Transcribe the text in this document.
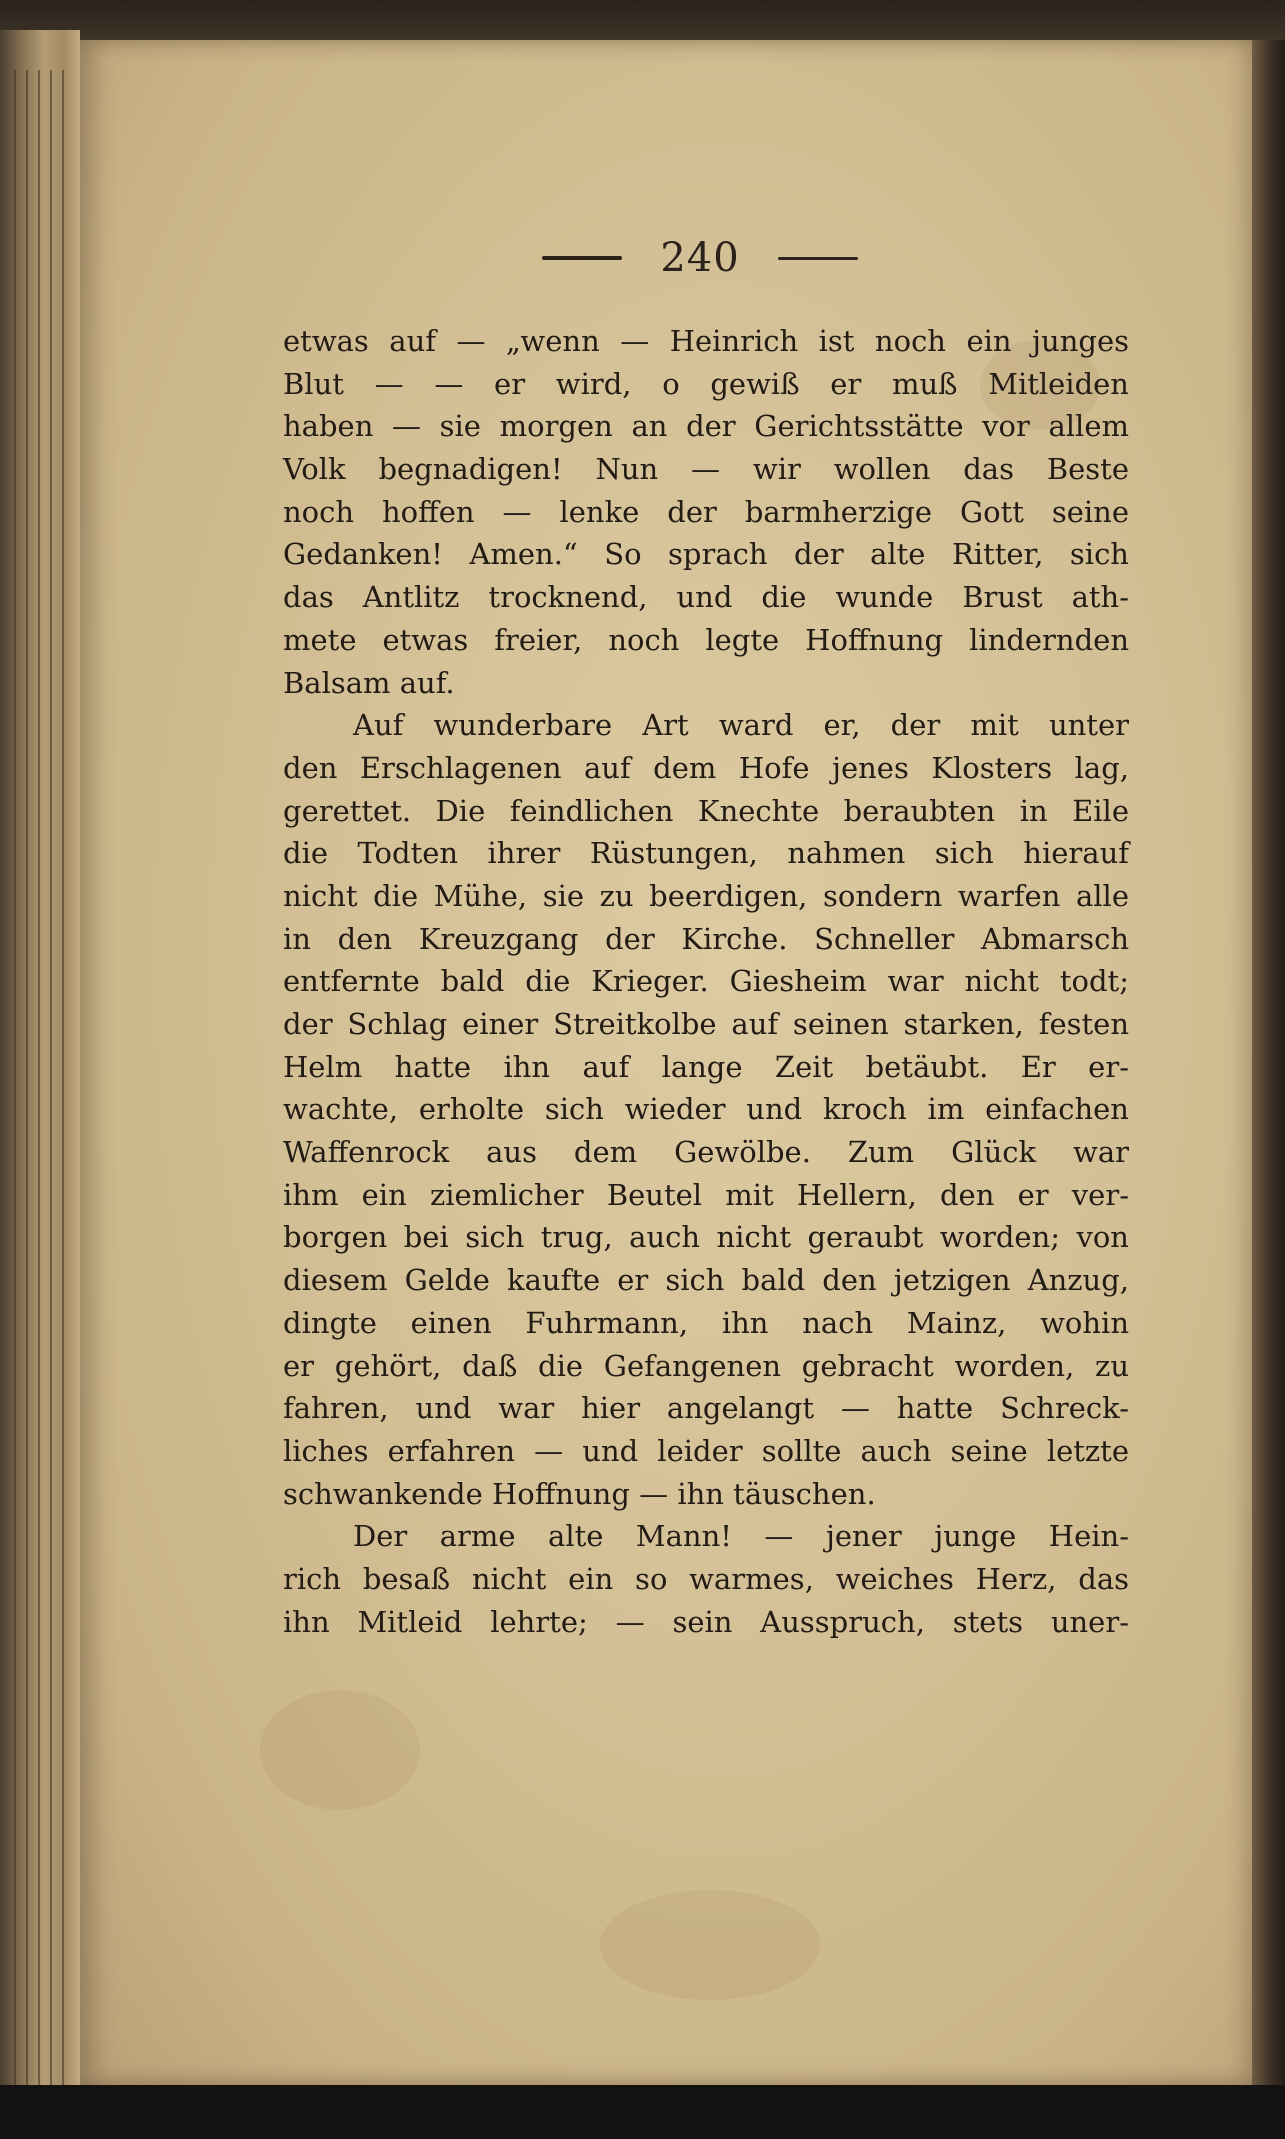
240
etwas auf — „wenn — Heinrich ist noch ein junges
Blut — — er wird, o gewiß er muß Mitleiden
haben — sie morgen an der Gerichtsstätte vor allem
Volk begnadigen! Nun — wir wollen das Beste
noch hoffen — lenke der barmherzige Gott seine
Gedanken! Amen.“ So sprach der alte Ritter, sich
das Antlitz trocknend, und die wunde Brust ath-
mete etwas freier, noch legte Hoffnung lindernden
Balsam auf.
Auf wunderbare Art ward er, der mit unter
den Erschlagenen auf dem Hofe jenes Klosters lag,
gerettet. Die feindlichen Knechte beraubten in Eile
die Todten ihrer Rüstungen, nahmen sich hierauf
nicht die Mühe, sie zu beerdigen, sondern warfen alle
in den Kreuzgang der Kirche. Schneller Abmarsch
entfernte bald die Krieger. Giesheim war nicht todt;
der Schlag einer Streitkolbe auf seinen starken, festen
Helm hatte ihn auf lange Zeit betäubt. Er er-
wachte, erholte sich wieder und kroch im einfachen
Waffenrock aus dem Gewölbe. Zum Glück war
ihm ein ziemlicher Beutel mit Hellern, den er ver-
borgen bei sich trug, auch nicht geraubt worden; von
diesem Gelde kaufte er sich bald den jetzigen Anzug,
dingte einen Fuhrmann, ihn nach Mainz, wohin
er gehört, daß die Gefangenen gebracht worden, zu
fahren, und war hier angelangt — hatte Schreck-
liches erfahren — und leider sollte auch seine letzte
schwankende Hoffnung — ihn täuschen.
Der arme alte Mann! — jener junge Hein-
rich besaß nicht ein so warmes, weiches Herz, das
ihn Mitleid lehrte; — sein Ausspruch, stets uner-
